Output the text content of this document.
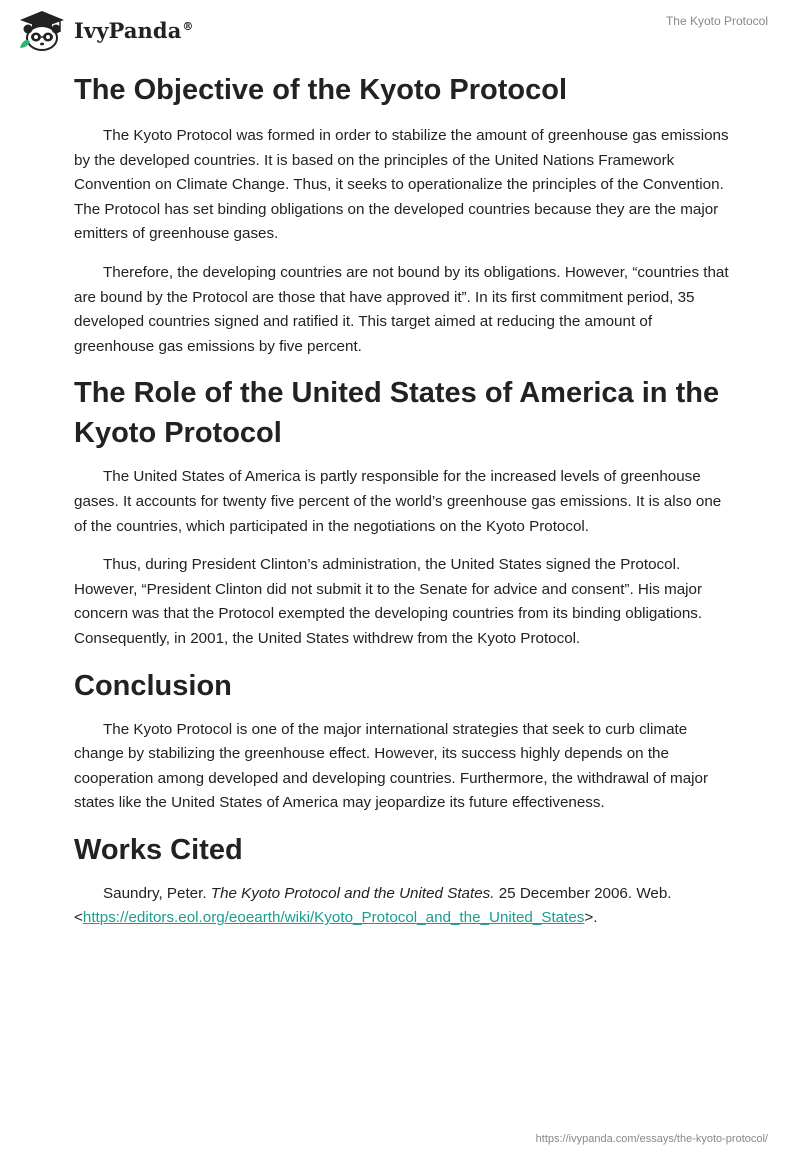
IvyPanda®	The Kyoto Protocol
The Objective of the Kyoto Protocol

The Kyoto Protocol was formed in order to stabilize the amount of greenhouse gas emissions by the developed countries. It is based on the principles of the United Nations Framework Convention on Climate Change. Thus, it seeks to operationalize the principles of the Convention. The Protocol has set binding obligations on the developed countries because they are the major emitters of greenhouse gases.

Therefore, the developing countries are not bound by its obligations. However, “countries that are bound by the Protocol are those that have approved it”. In its first commitment period, 35 developed countries signed and ratified it. This target aimed at reducing the amount of greenhouse gas emissions by five percent.

The Role of the United States of America in the Kyoto Protocol

The United States of America is partly responsible for the increased levels of greenhouse gases. It accounts for twenty five percent of the world’s greenhouse gas emissions. It is also one of the countries, which participated in the negotiations on the Kyoto Protocol.

Thus, during President Clinton’s administration, the United States signed the Protocol. However, “President Clinton did not submit it to the Senate for advice and consent”. His major concern was that the Protocol exempted the developing countries from its binding obligations. Consequently, in 2001, the United States withdrew from the Kyoto Protocol.

Conclusion

The Kyoto Protocol is one of the major international strategies that seek to curb climate change by stabilizing the greenhouse effect. However, its success highly depends on the cooperation among developed and developing countries. Furthermore, the withdrawal of major states like the United States of America may jeopardize its future effectiveness.

Works Cited

Saundry, Peter. The Kyoto Protocol and the United States. 25 December 2006. Web. <https://editors.eol.org/eoearth/wiki/Kyoto_Protocol_and_the_United_States>.

https://ivypanda.com/essays/the-kyoto-protocol/
